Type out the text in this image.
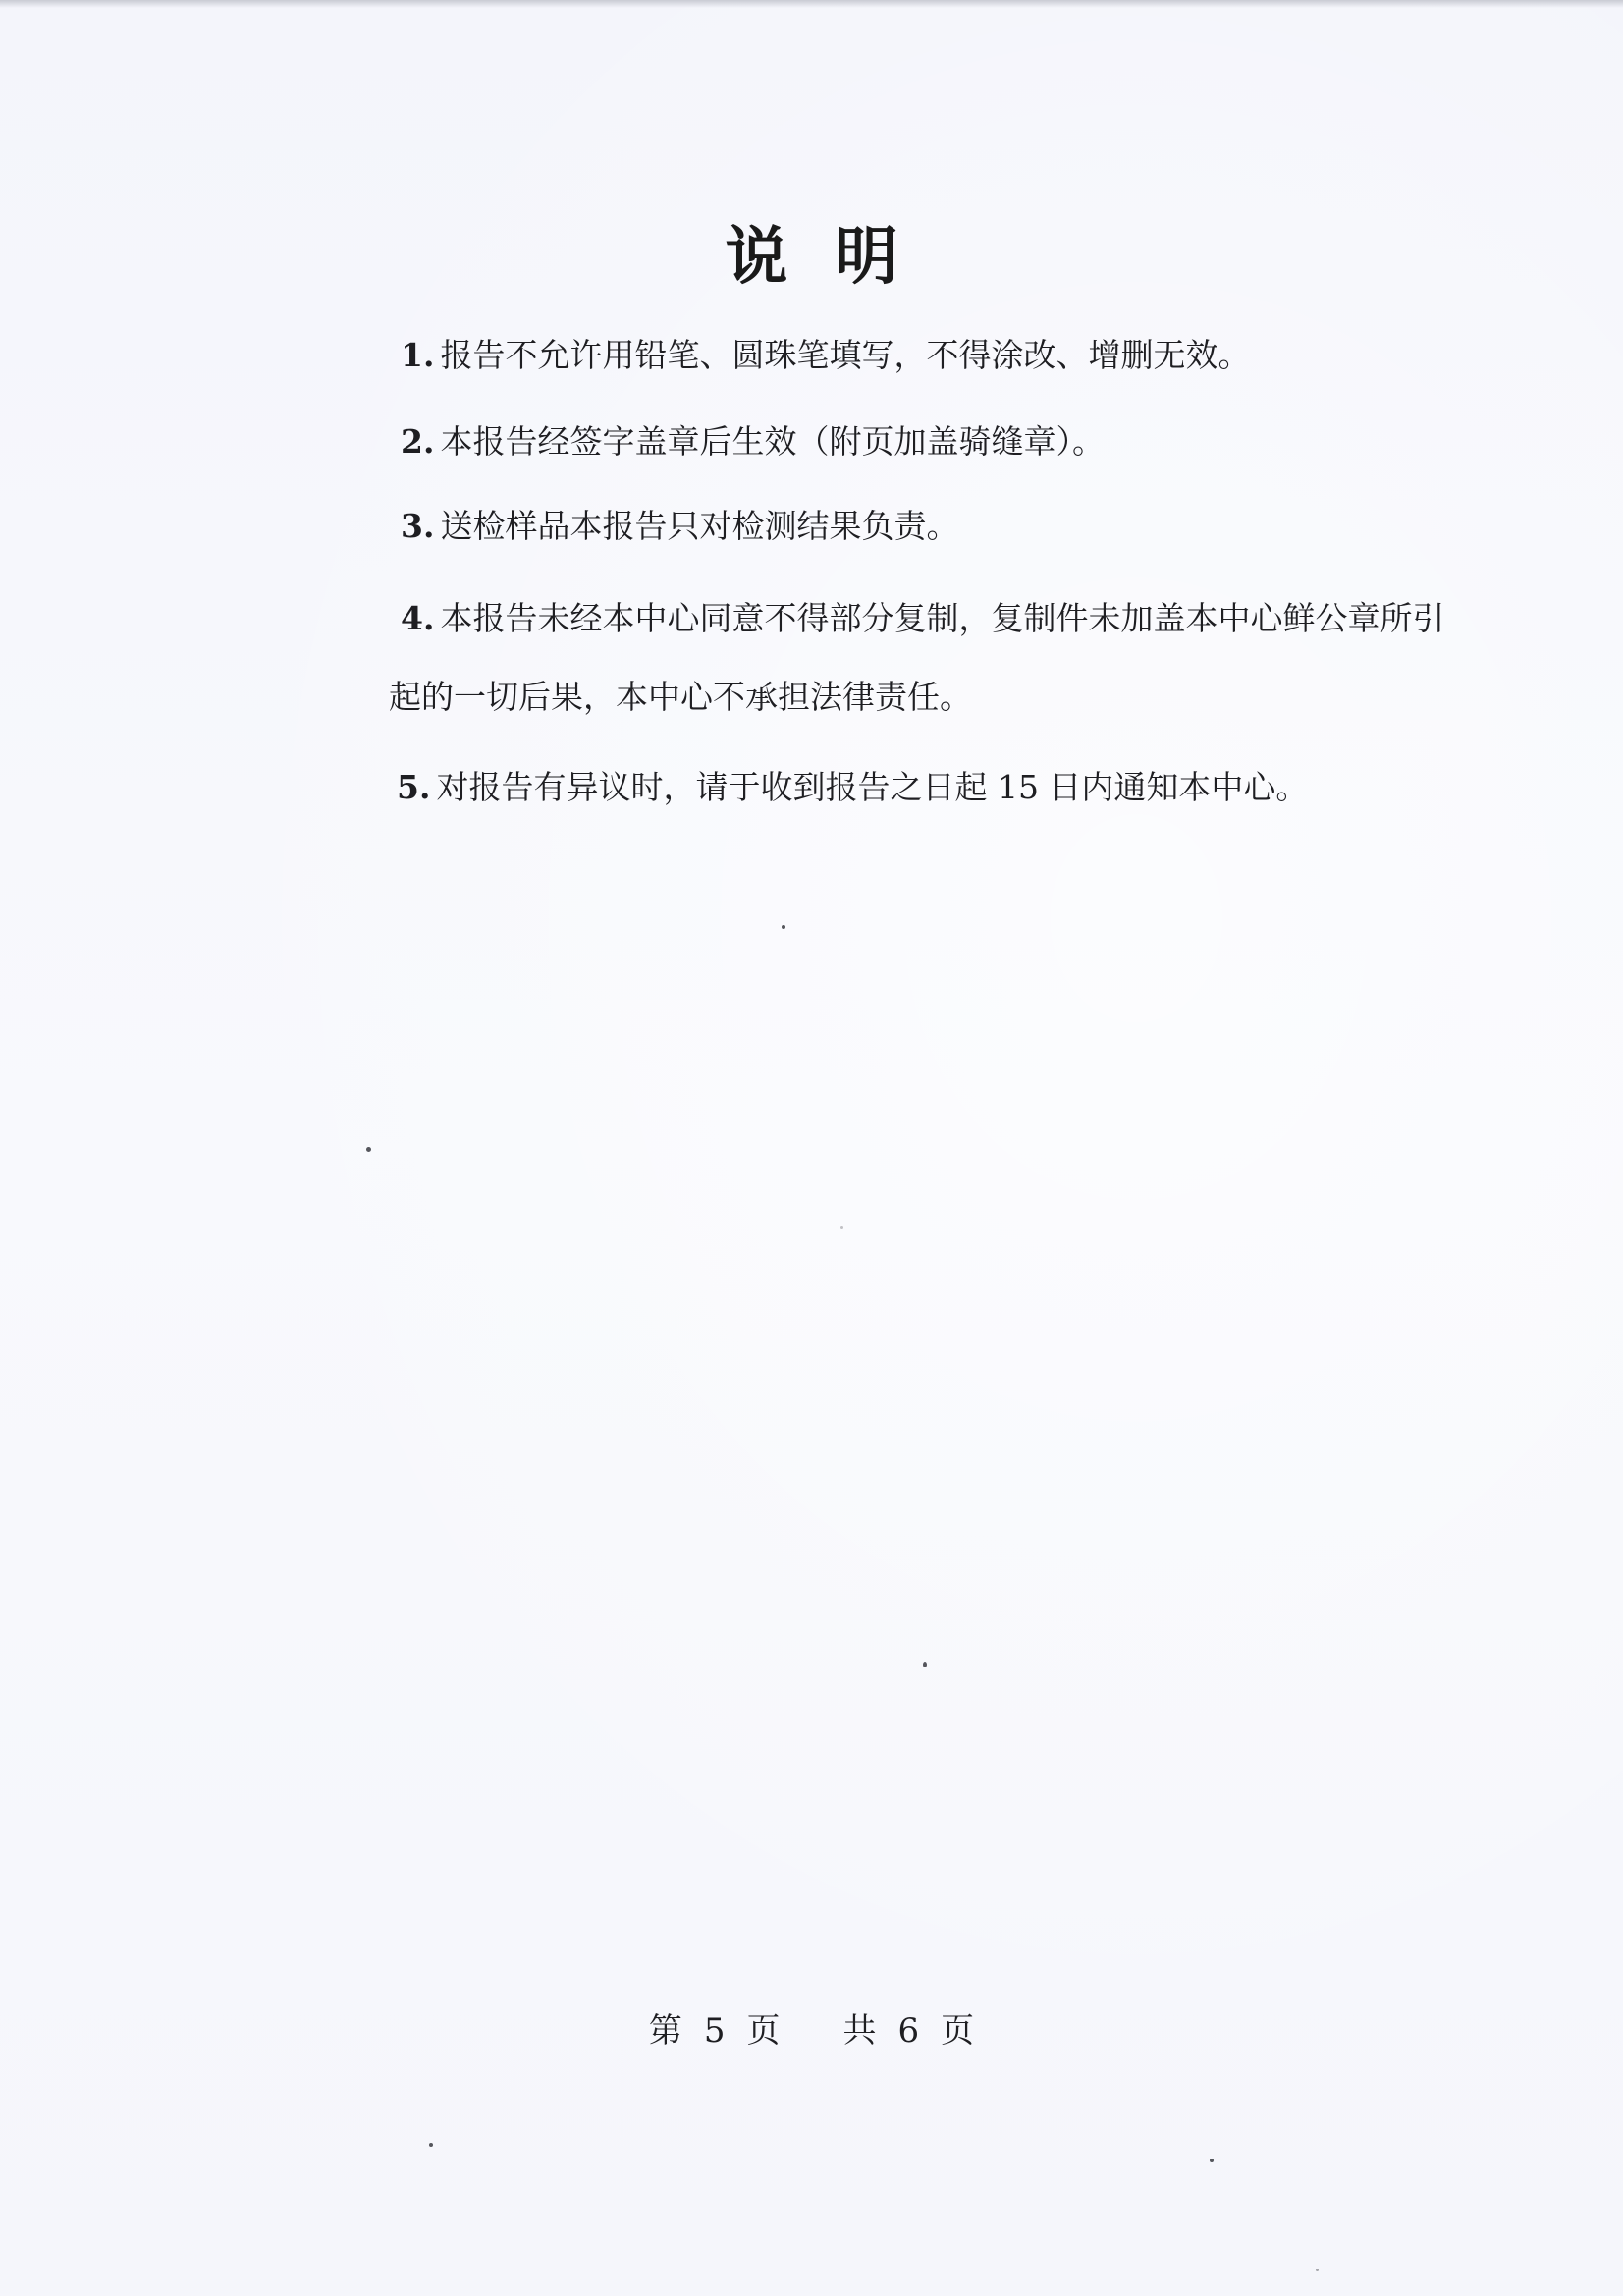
说明
1. 报告不允许用铅笔、圆珠笔填写，不得涂改、增删无效。
2. 本报告经签字盖章后生效（附页加盖骑缝章）。
3. 送检样品本报告只对检测结果负责。
4. 本报告未经本中心同意不得部分复制，复制件未加盖本中心鲜公章所引
起的一切后果，本中心不承担法律责任。
5. 对报告有异议时，请于收到报告之日起 15 日内通知本中心。
第 5 页 共 6 页
